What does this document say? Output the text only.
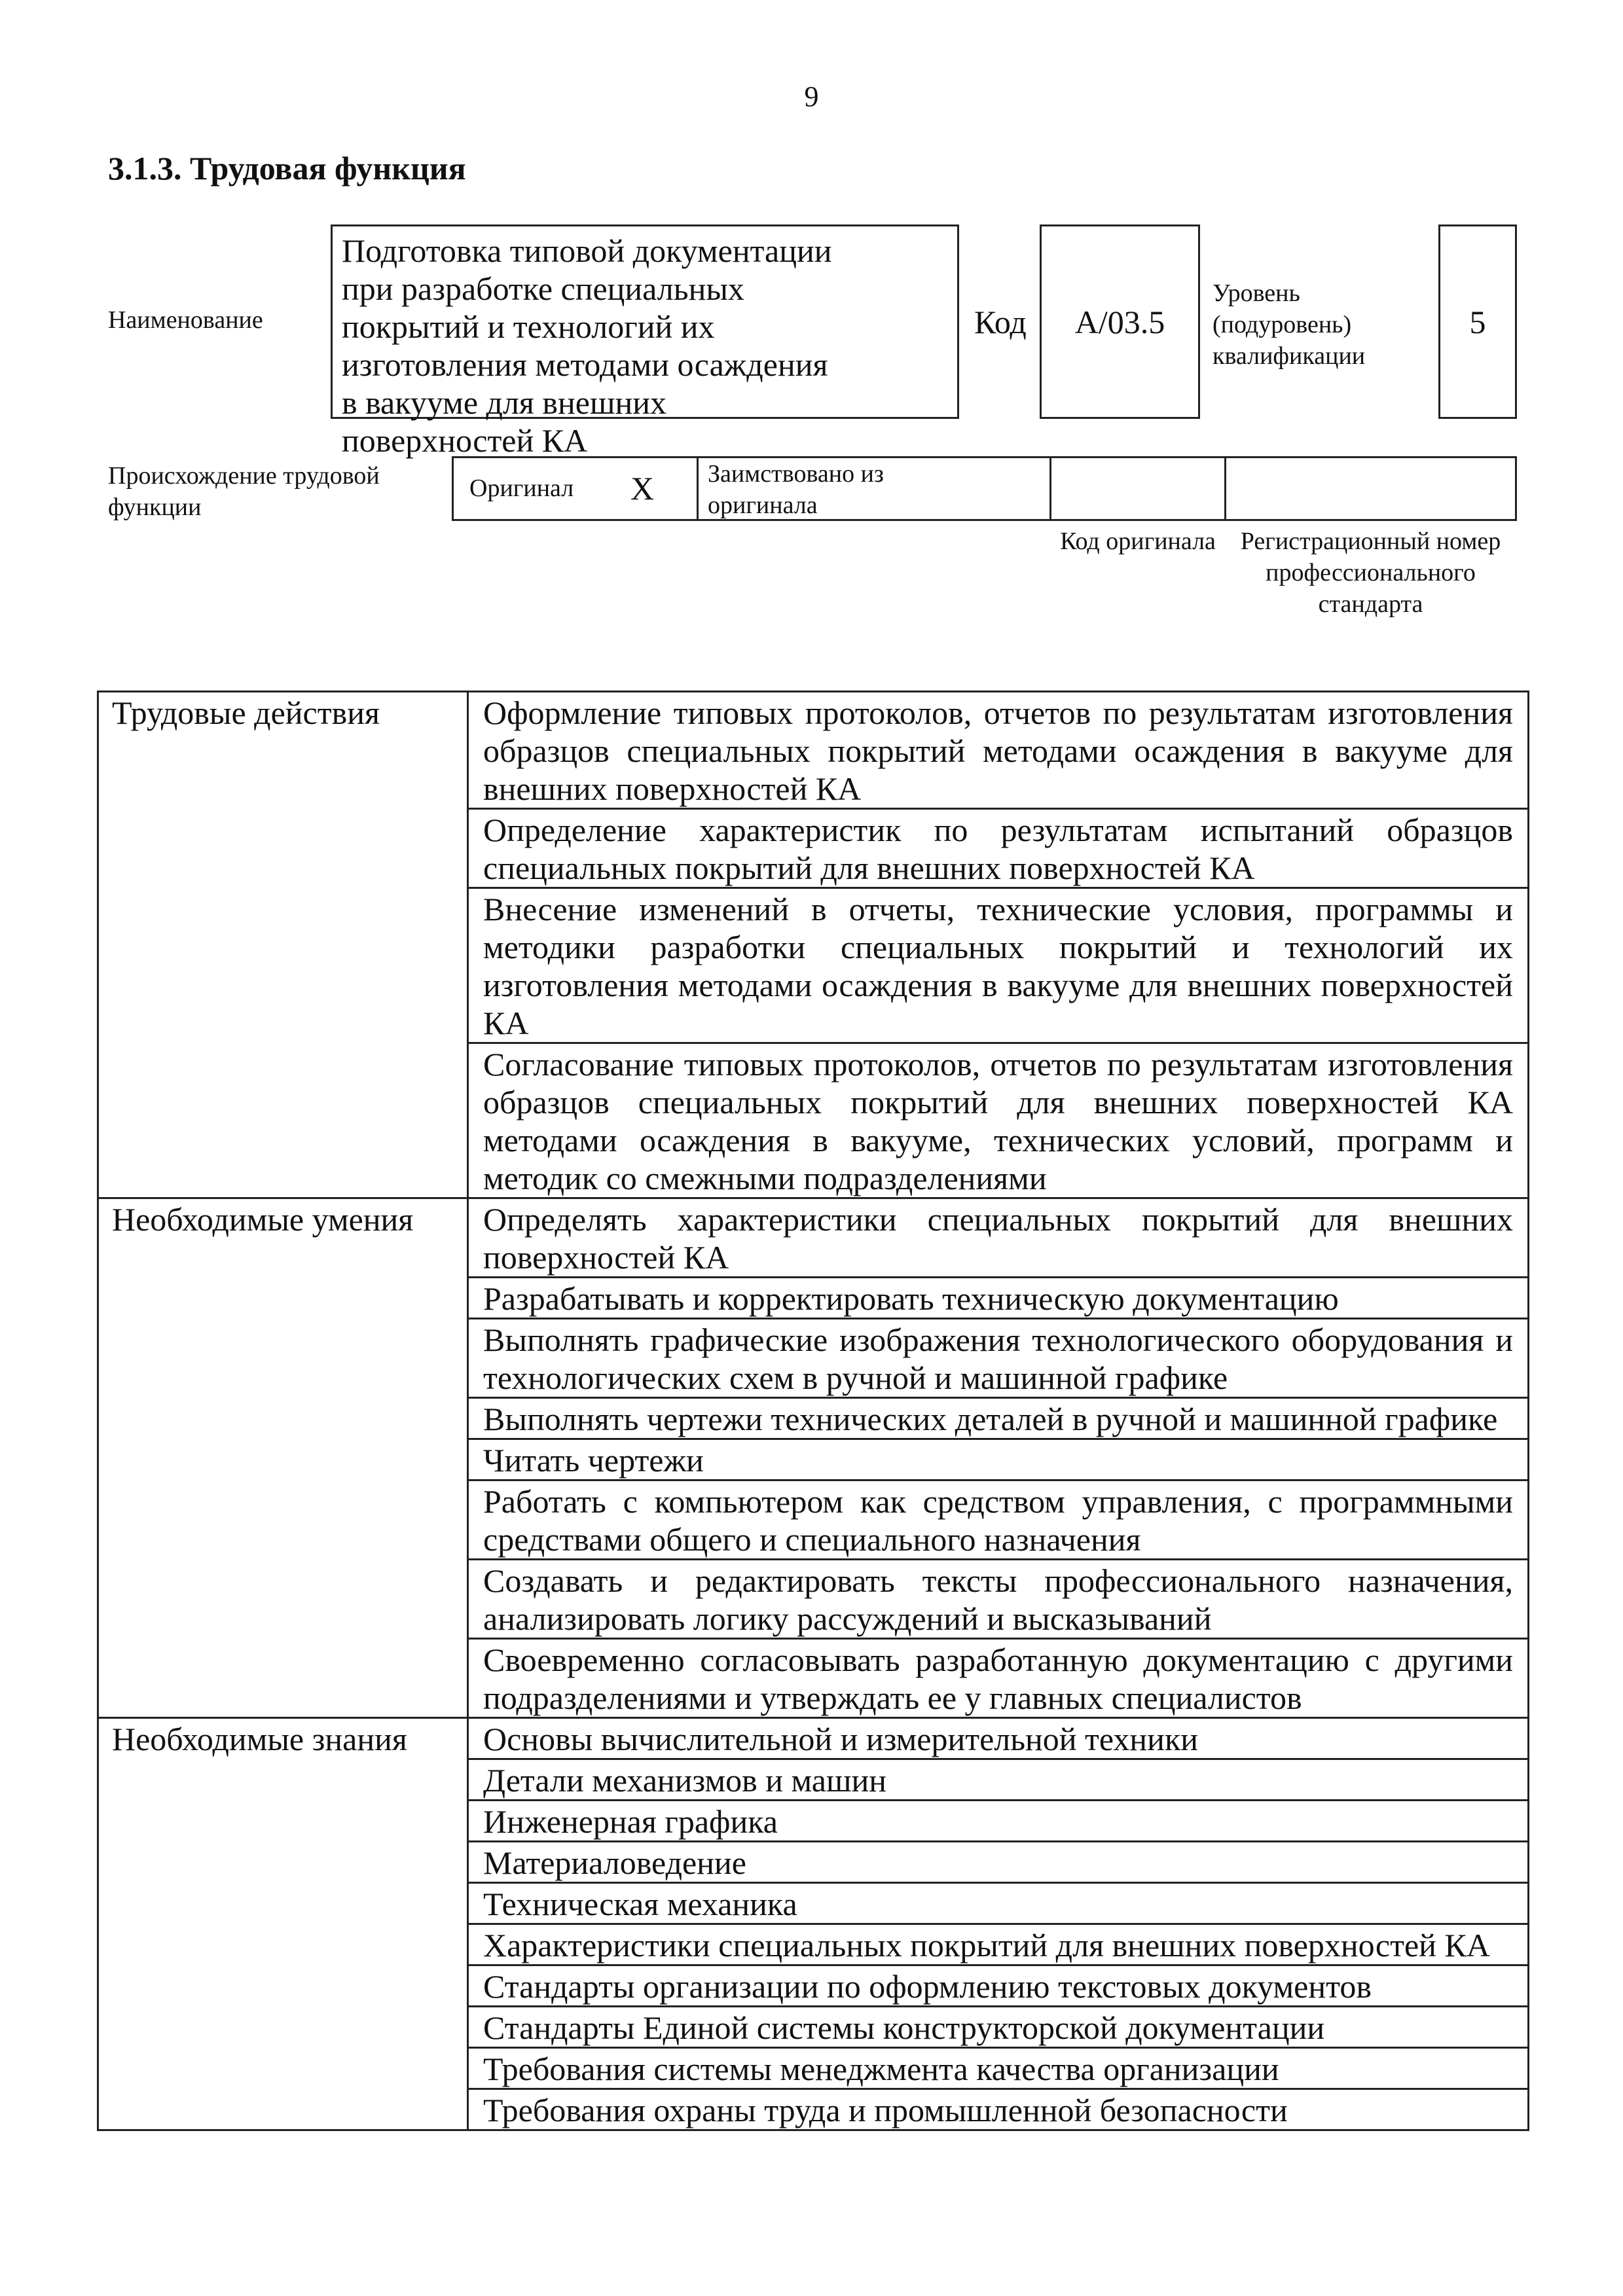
9
3.1.3. Трудовая функция
Наименование
Подготовка типовой документации при разработке специальных покрытий и технологий их изготовления методами осаждения в вакууме для внешних поверхностей КА
Код	А/03.5
Уровень (подуровень) квалификации
5
Происхождение трудовой функции
Оригинал Х	Заимствовано из оригинала
Код оригинала Регистрационный номер профессионального стандарта
Трудовые действия	Оформление типовых протоколов, отчетов по результатам изготовления образцов специальных покрытий методами осаждения в вакууме для внешних поверхностей КА
	Определение характеристик по результатам испытаний образцов специальных покрытий для внешних поверхностей КА
	Внесение изменений в отчеты, технические условия, программы и методики разработки специальных покрытий и технологий их изготовления методами осаждения в вакууме для внешних поверхностей КА
	Согласование типовых протоколов, отчетов по результатам изготовления образцов специальных покрытий для внешних поверхностей КА методами осаждения в вакууме, технических условий, программ и методик со смежными подразделениями
Необходимые умения	Определять характеристики специальных покрытий для внешних поверхностей КА
	Разрабатывать и корректировать техническую документацию
	Выполнять графические изображения технологического оборудования и технологических схем в ручной и машинной графике
	Выполнять чертежи технических деталей в ручной и машинной графике
	Читать чертежи
	Работать с компьютером как средством управления, с программными средствами общего и специального назначения
	Создавать и редактировать тексты профессионального назначения, анализировать логику рассуждений и высказываний
	Своевременно согласовывать разработанную документацию с другими подразделениями и утверждать ее у главных специалистов
Необходимые знания	Основы вычислительной и измерительной техники
	Детали механизмов и машин
	Инженерная графика
	Материаловедение
	Техническая механика
	Характеристики специальных покрытий для внешних поверхностей КА
	Стандарты организации по оформлению текстовых документов
	Стандарты Единой системы конструкторской документации
	Требования системы менеджмента качества организации
	Требования охраны труда и промышленной безопасности
